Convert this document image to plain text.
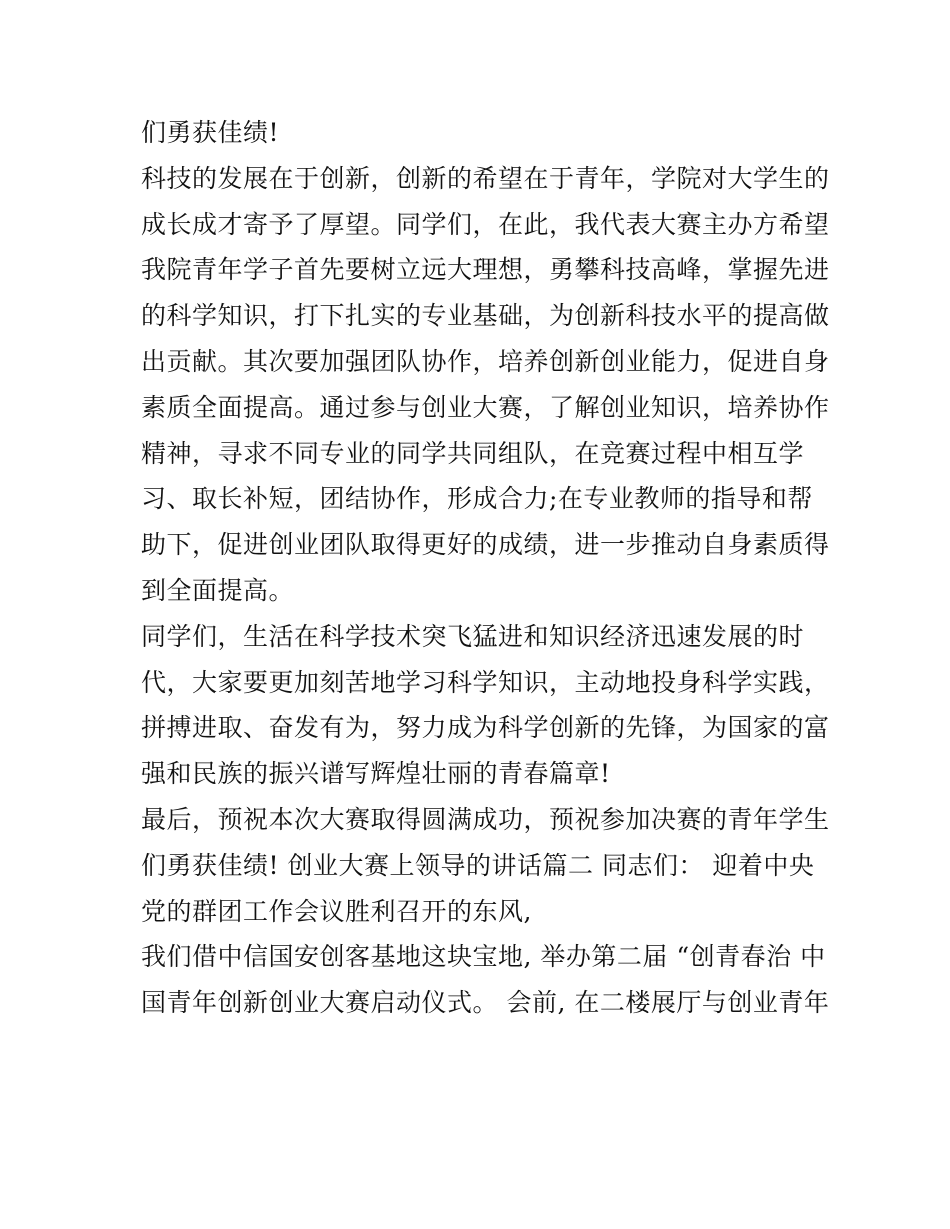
们勇获佳绩!
科技的发展在于创新，创新的希望在于青年，学院对大学生的
成长成才寄予了厚望。同学们，在此，我代表大赛主办方希望
我院青年学子首先要树立远大理想，勇攀科技高峰，掌握先进
的科学知识，打下扎实的专业基础，为创新科技水平的提高做
出贡献。其次要加强团队协作，培养创新创业能力，促进自身
素质全面提高。通过参与创业大赛，了解创业知识，培养协作
精神，寻求不同专业的同学共同组队，在竞赛过程中相互学
习、取长补短，团结协作，形成合力;在专业教师的指导和帮
助下，促进创业团队取得更好的成绩，进一步推动自身素质得
到全面提高。
同学们，生活在科学技术突飞猛进和知识经济迅速发展的时
代，大家要更加刻苦地学习科学知识，主动地投身科学实践，
拼搏进取、奋发有为，努力成为科学创新的先锋，为国家的富
强和民族的振兴谱写辉煌壮丽的青春篇章!
最后，预祝本次大赛取得圆满成功，预祝参加决赛的青年学生
们勇获佳绩! 创业大赛上领导的讲话篇二 同志们： 迎着中央
党的群团工作会议胜利召开的东风,
我们借中信国安创客基地这块宝地, 举办第二届 “创青春治 中
国青年创新创业大赛启动仪式。 会前, 在二楼展厅与创业青年
